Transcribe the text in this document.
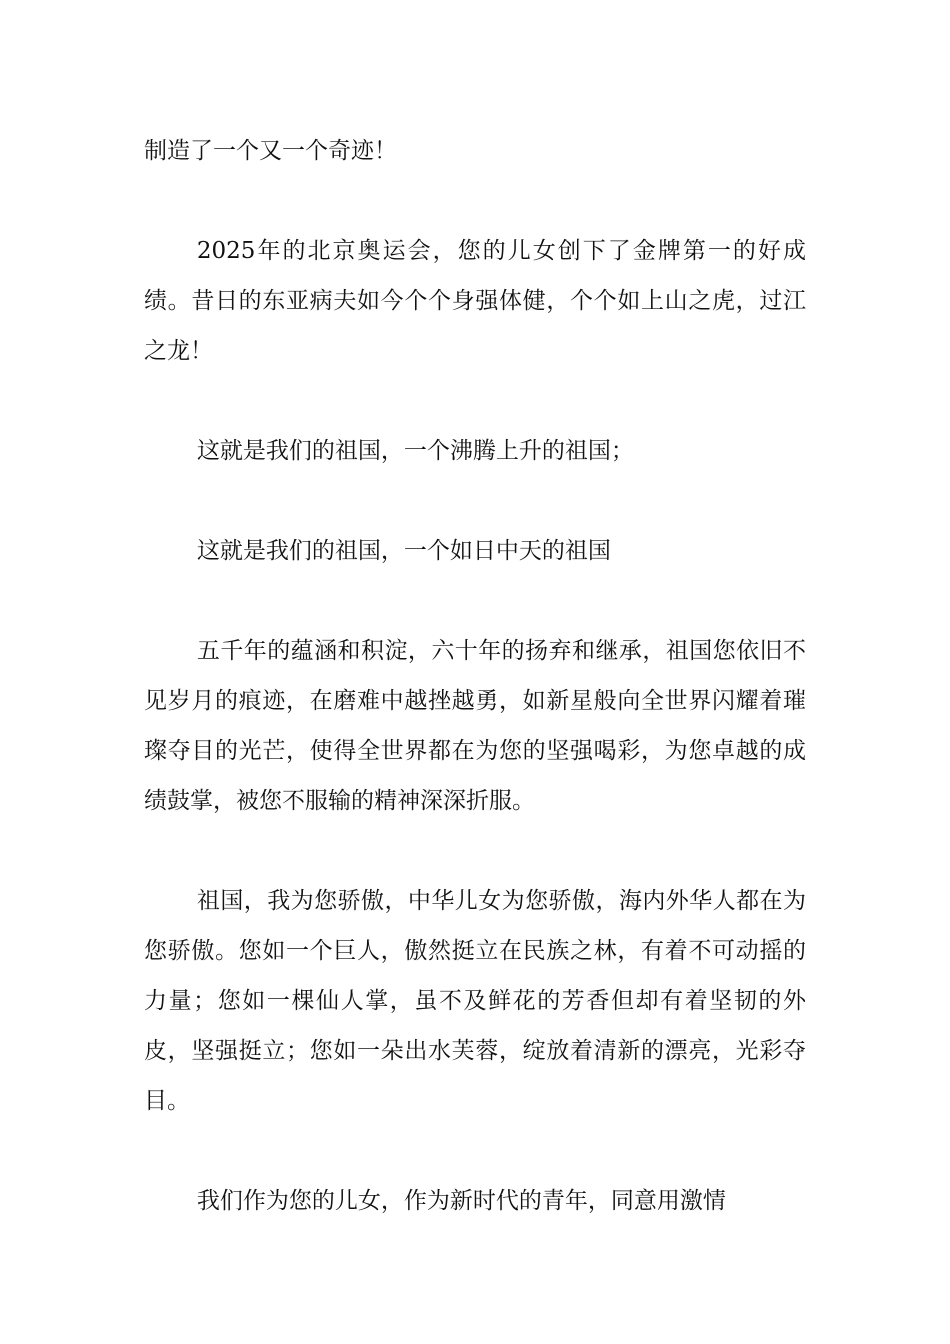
制造了一个又一个奇迹！

2025年的北京奥运会，您的儿女创下了金牌第一的好成绩。昔日的东亚病夫如今个个身强体健，个个如上山之虎，过江之龙！

这就是我们的祖国，一个沸腾上升的祖国；

这就是我们的祖国，一个如日中天的祖国

五千年的蕴涵和积淀，六十年的扬弃和继承，祖国您依旧不见岁月的痕迹，在磨难中越挫越勇，如新星般向全世界闪耀着璀璨夺目的光芒，使得全世界都在为您的坚强喝彩，为您卓越的成绩鼓掌，被您不服输的精神深深折服。

祖国，我为您骄傲，中华儿女为您骄傲，海内外华人都在为您骄傲。您如一个巨人，傲然挺立在民族之林，有着不可动摇的力量；您如一棵仙人掌，虽不及鲜花的芳香但却有着坚韧的外皮，坚强挺立；您如一朵出水芙蓉，绽放着清新的漂亮，光彩夺目。

我们作为您的儿女，作为新时代的青年，同意用激情
